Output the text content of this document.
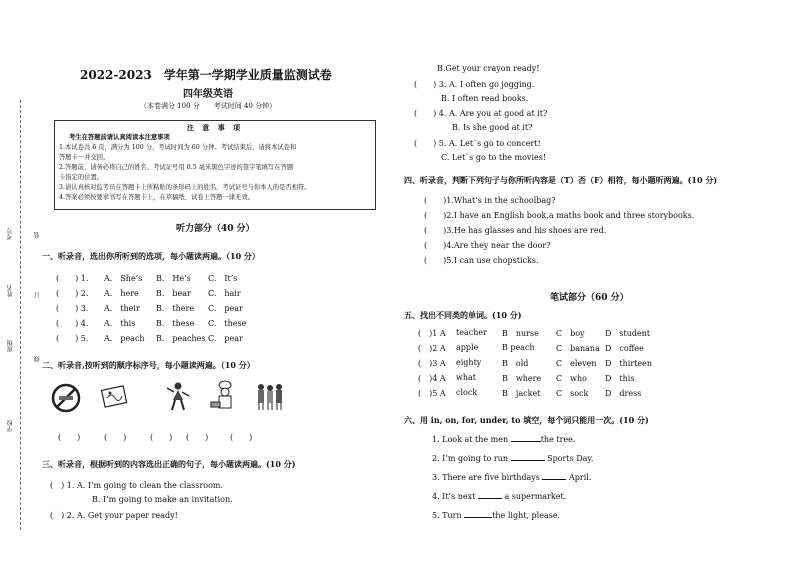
学校
班级
姓名
考号	装
订
线
2022-2023　学年第一学期学业质量监测试卷
四年级英语
（本卷满分 100 分　　考试时间 40 分钟）
注 意 事 项
考生在答题前请认真阅读本注意事项
1.本试卷共 6 页，满分为 100 分，考试时间为 60 分钟。考试结束后，请将本试卷和
答题卡一并交回。
2.答题前，请务必将自己的姓名、考试证号用 0.5 毫米黑色字迹的签字笔填写在答题
卡指定的位置。
3.请认真核对监考员在答题卡上所粘贴的条形码上的姓名、考试证号与你本人的是否相符。
4.答案必须按要求书写在答题卡上，在草稿纸、试卷上答题一律无效。
听力部分（40 分）
一、听录音，选出你所听到的选项，每小题读两遍。（10 分）
(　　) 1. A.　She’s B.　He’s C.　It’s
(　　) 2. A.　here B.　bear C.　hair
(　　) 3. A.　their B.　there C.　pear
(　　) 4. A.　this	B.　these C.　these
(　　) 5. A.　peach B.　peaches C.　pear
二、听录音,按听到的顺序标序号，每小题读两遍。（10 分）
(　　)	(　　)	(　　) (　　)	(　　)
三、听录音，根据听到的内容选出正确的句子，每小题读两遍。(10 分)
(　) 1. A. I’m going to clean the classroom.
B. I’m going to make an invitation.
(　) 2. A. Get your paper ready!
B.Get your crayon ready!
(　　) 3. A. I often go jogging.
B. I often read books.
(　　) 4. A. Are you at good at it?
B. Is she good at it?
(　　) 5. A. Let`s go to concert!
C. Let`s go to the movies!
四、听录音，判断下列句子与你所听内容是（T）否（F）相符，每小题听两遍。(10 分)
(　　)1.What’s in the schoolbag?
(　　)2.I have an English book,a maths book and three storybooks.
(　　)3.He has glasses and his shoes are red.
(　　)4.Are they near the door?
(　　)5.I can use chopsticks.
笔试部分（60 分）
五、找出不同类的单词。(10 分)
(　)1 A teacher B　nurse C　boy	D　student
(　)2 A apple	B peach	C　banana D　coffee
(　)3 A eighty	B　old	C　eleven D　thirteen
(　)4 A what	B　where C　who D　this
(　)5 A clock	B　jacket C　sock D　dress
六、用 in, on, for, under, to 填空，每个词只能用一次。(10 分)
1. Look at the men	the tree.
2. I’m going to run	Sports Day.
3. There are five birthdays	April.
4. It’s next	a supermarket.
5. Turn	the light, please.
